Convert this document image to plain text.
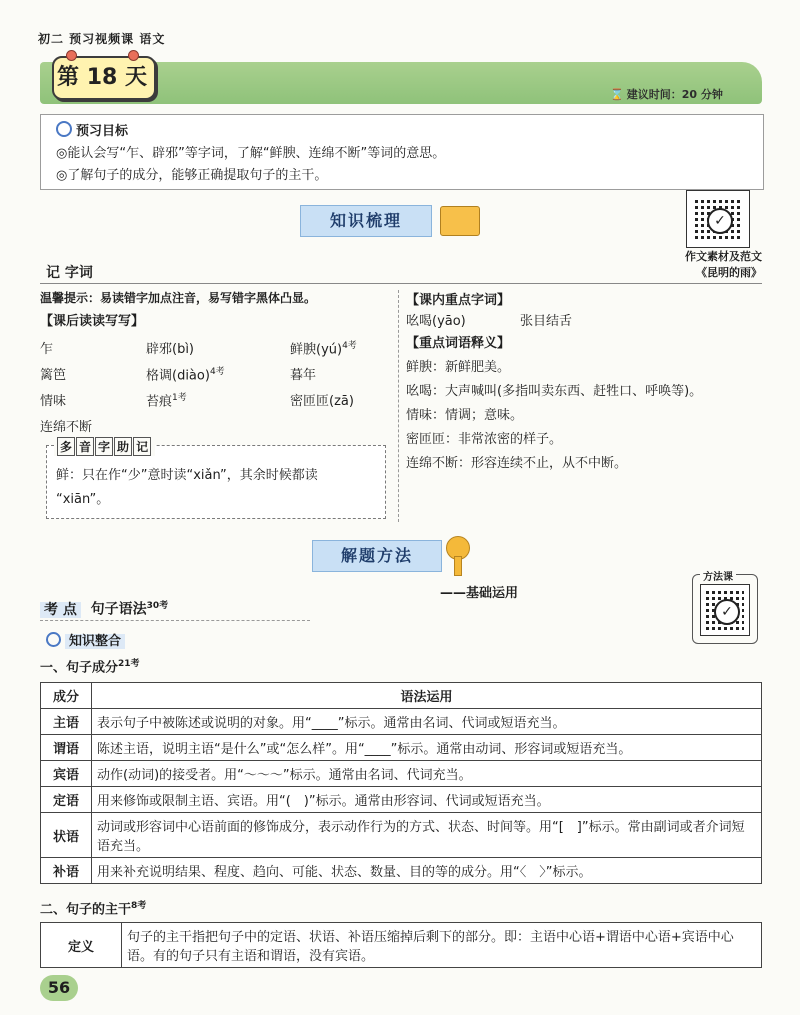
初二 预习视频课 语文
第 18 天
⌛ 建议时间：20 分钟
预习目标
◎能认会写“乍、辟邪”等字词，了解“鲜腴、连绵不断”等词的意思。
◎了解句子的成分，能够正确提取句子的主干。
知识梳理	✓
作文素材及范文
《昆明的雨》
记 字词
温馨提示：易读错字加点注音，易写错字黑体凸显。
【课后读读写写】
乍	辟邪(bì)	鲜腴(yú)$^{4考}$
篱笆	格调(diào)$^{4考}$	暮年
情味	苔痕$^{1考}$	密匝匝(zā)
连绵不断
多 音 字 助 记
鲜：只在作“少”意时读“xiǎn”，其余时候都读
“xiān”。
【课内重点字词】
吆喝(yāo)	张目结舌
【重点词语释义】
鲜腴：新鲜肥美。
吆喝：大声喊叫(多指叫卖东西、赶牲口、呼唤等)。
情味：情调；意味。
密匝匝：非常浓密的样子。
连绵不断：形容连续不止，从不中断。
解题方法
——基础运用
方法课
✓
考 点 句子语法$^{30考}$
知识整合
一、句子成分$^{21考}$
成分	语法运用
主语	表示句子中被陈述或说明的对象。用“____”标示。通常由名词、代词或短语充当。
谓语	陈述主语，说明主语“是什么”或“怎么样”。用“____”标示。通常由动词、形容词或短语充当。
宾语	动作(动词)的接受者。用“～～～”标示。通常由名词、代词充当。
定语	用来修饰或限制主语、宾语。用“(　)”标示。通常由形容词、代词或短语充当。
状语	动词或形容词中心语前面的修饰成分，表示动作行为的方式、状态、时间等。用“[　]”标示。常由副词或者介词短语充当。
补语	用来补充说明结果、程度、趋向、可能、状态、数量、目的等的成分。用“〈　〉”标示。
二、句子的主干$^{8考}$
定义	句子的主干指把句子中的定语、状语、补语压缩掉后剩下的部分。即：主语中心语+谓语中心语+宾语中心语。有的句子只有主语和谓语，没有宾语。
56
